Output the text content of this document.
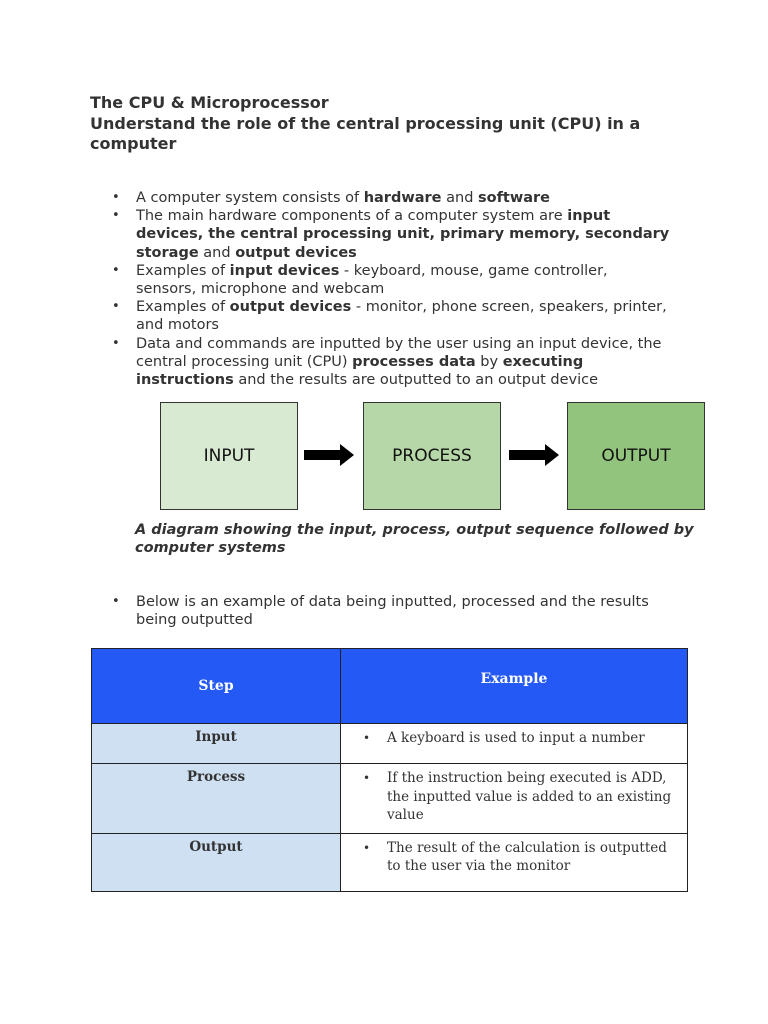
The CPU & Microprocessor
Understand the role of the central processing unit (CPU) in a computer
• A computer system consists of hardware and software
• The main hardware components of a computer system are input devices, the central processing unit, primary memory, secondary storage and output devices
• Examples of input devices - keyboard, mouse, game controller, sensors, microphone and webcam
• Examples of output devices - monitor, phone screen, speakers, printer, and motors
• Data and commands are inputted by the user using an input device, the central processing unit (CPU) processes data by executing instructions and the results are outputted to an output device
INPUT	PROCESS	OUTPUT
A diagram showing the input, process, output sequence followed by computer systems
• Below is an example of data being inputted, processed and the results being outputted
Step	Example
Input	• A keyboard is used to input a number
Process	• If the instruction being executed is ADD, the inputted value is added to an existing value
Output	• The result of the calculation is outputted to the user via the monitor
